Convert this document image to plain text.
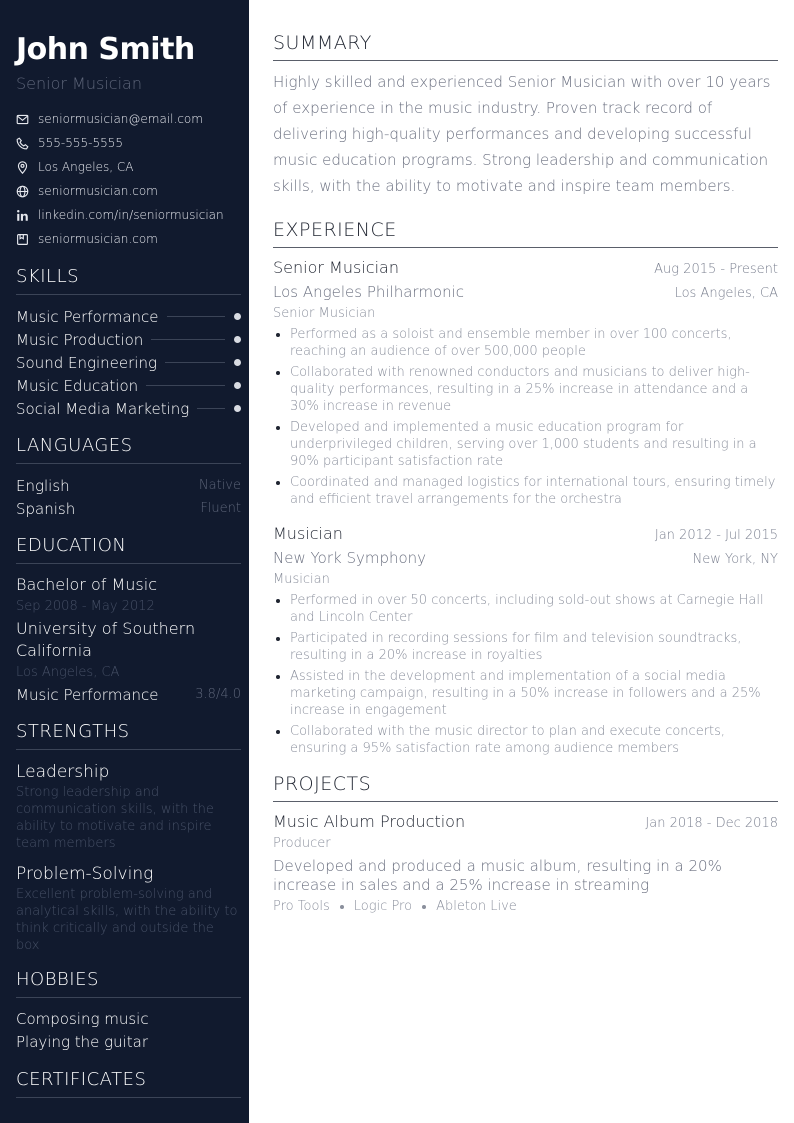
John Smith
Senior Musician
seniormusician@email.com
555-555-5555
Los Angeles, CA
seniormusician.com
linkedin.com/in/seniormusician
seniormusician.com
SKILLS
Music Performance
Music Production
Sound Engineering
Music Education
Social Media Marketing
LANGUAGES
English	Native
Spanish	Fluent
EDUCATION
Bachelor of Music
Sep 2008 - May 2012
University of Southern California
Los Angeles, CA
Music Performance	3.8/4.0
STRENGTHS
Leadership
Strong leadership and communication skills, with the ability to motivate and inspire team members
Problem-Solving
Excellent problem-solving and analytical skills, with the ability to think critically and outside the box
HOBBIES
Composing music
Playing the guitar
CERTIFICATES
SUMMARY
Highly skilled and experienced Senior Musician with over 10 years of experience in the music industry. Proven track record of delivering high-quality performances and developing successful music education programs. Strong leadership and communication skills, with the ability to motivate and inspire team members.
EXPERIENCE
Senior Musician	Aug 2015 - Present
Los Angeles Philharmonic	Los Angeles, CA
Senior Musician
Performed as a soloist and ensemble member in over 100 concerts, reaching an audience of over 500,000 people
Collaborated with renowned conductors and musicians to deliver high-quality performances, resulting in a 25% increase in attendance and a 30% increase in revenue
Developed and implemented a music education program for underprivileged children, serving over 1,000 students and resulting in a 90% participant satisfaction rate
Coordinated and managed logistics for international tours, ensuring timely and efficient travel arrangements for the orchestra
Musician	Jan 2012 - Jul 2015
New York Symphony	New York, NY
Musician
Performed in over 50 concerts, including sold-out shows at Carnegie Hall and Lincoln Center
Participated in recording sessions for film and television soundtracks, resulting in a 20% increase in royalties
Assisted in the development and implementation of a social media marketing campaign, resulting in a 50% increase in followers and a 25% increase in engagement
Collaborated with the music director to plan and execute concerts, ensuring a 95% satisfaction rate among audience members
PROJECTS
Music Album Production	Jan 2018 - Dec 2018
Producer
Developed and produced a music album, resulting in a 20% increase in sales and a 25% increase in streaming
Pro Tools Logic Pro Ableton Live
